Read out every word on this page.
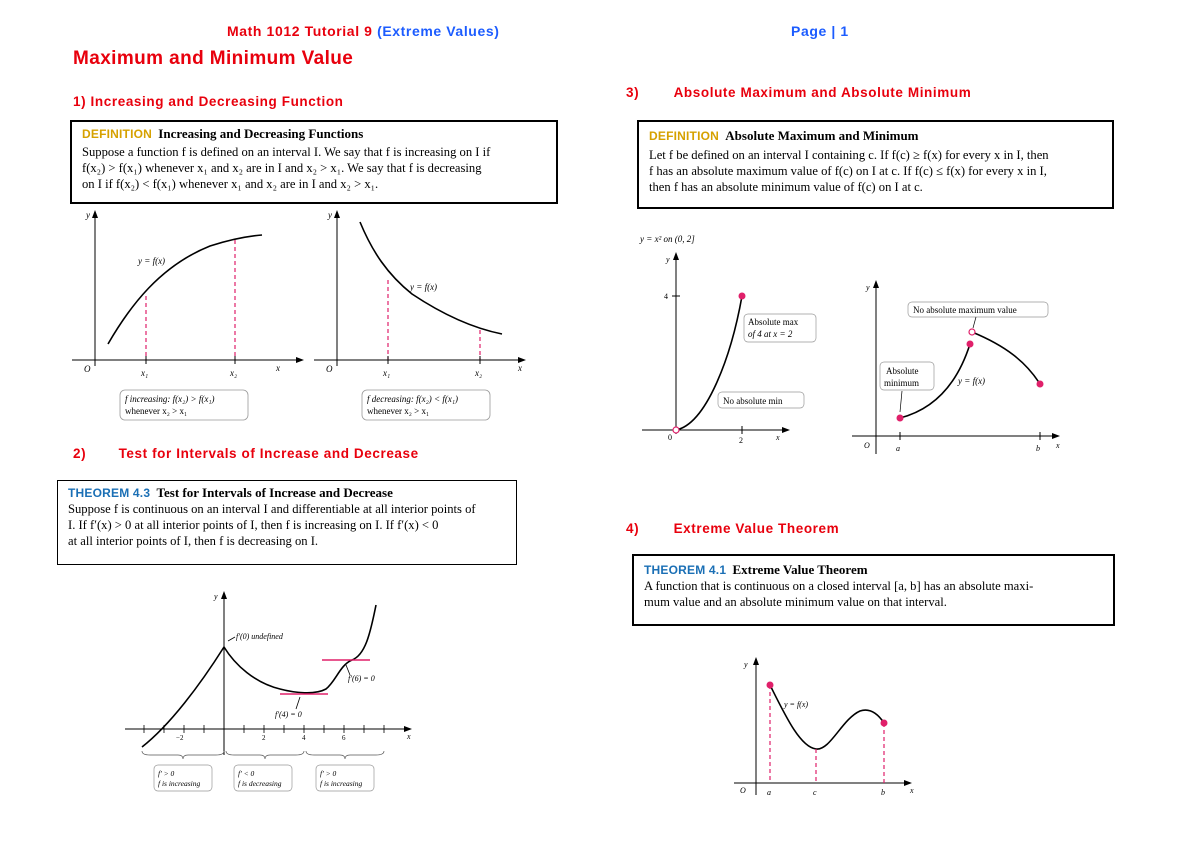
Math 1012 Tutorial 9 (Extreme Values)	Page | 1
Maximum and Minimum Value
1) Increasing and Decreasing Function
DEFINITION Increasing and Decreasing Functions

Suppose a function f is defined on an interval I. We say that f is increasing on I if

f(x₂) > f(x₁) whenever x₁ and x₂ are in I and x₂ > x₁. We say that f is decreasing

on I if f(x₂) < f(x₁) whenever x₁ and x₂ are in I and x₂ > x₁.

y
x
O	x₁	x₂
y = f(x)
f increasing: f(x₂) > f(x₁)
whenever x₂ > x₁
y
x
O	x₁	x₂
y = f(x)
f decreasing: f(x₂) < f(x₁)
whenever x₂ > x₁
2) Test for Intervals of Increase and Decrease
THEOREM 4.3 Test for Intervals of Increase and Decrease

Suppose f is continuous on an interval I and differentiable at all interior points of

I. If f′(x) > 0 at all interior points of I, then f is increasing on I. If f′(x) < 0

at all interior points of I, then f is decreasing on I.

y
x
−2	2	4	6
f′(0) undefined
f′(6) = 0
f′(4) = 0
f′ > 0
f is increasing
f′ < 0
f is decreasing
f′ > 0
f is increasing
3)	Absolute Maximum and Absolute Minimum
DEFINITION Absolute Maximum and Minimum

Let f be defined on an interval I containing c. If f(c) ≥ f(x) for every x in I, then

f has an absolute maximum value of f(c) on I at c. If f(c) ≤ f(x) for every x in I,

then f has an absolute minimum value of f(c) on I at c.

y = x² on (0, 2]
y
x
4
2
0
Absolute max
of 4 at x = 2
No absolute min
y
x
O	a	b
No absolute maximum value
Absolute
minimum	y = f(x)
4)	Extreme Value Theorem
THEOREM 4.1 Extreme Value Theorem

A function that is continuous on a closed interval [a, b] has an absolute maxi-

mum value and an absolute minimum value on that interval.

y
x
O	a	c	b
y = f(x)
